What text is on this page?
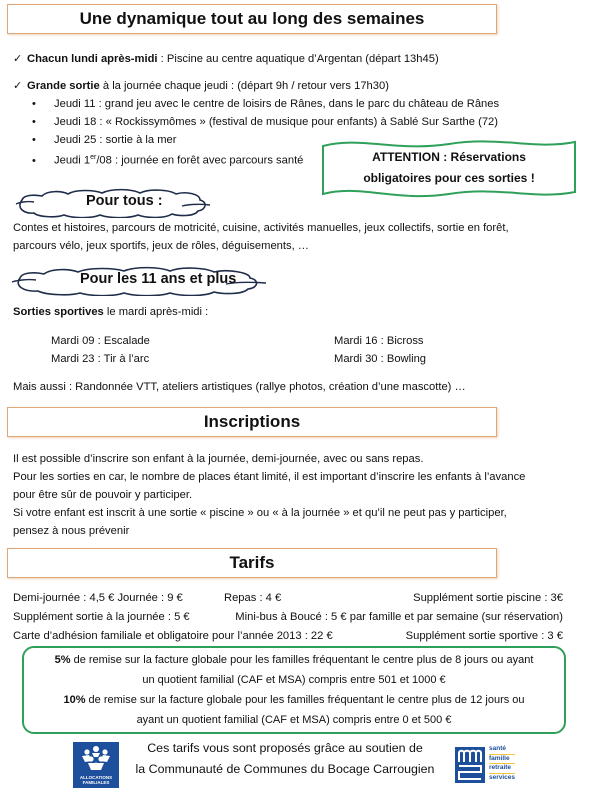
Une dynamique tout au long des semaines
✓ Chacun lundi après-midi : Piscine au centre aquatique d’Argentan (départ 13h45)
✓ Grande sortie à la journée chaque jeudi : (départ 9h / retour vers 17h30)
• Jeudi 11 : grand jeu avec le centre de loisirs de Rânes, dans le parc du château de Rânes
• Jeudi 18 : « Rockissymômes » (festival de musique pour enfants) à Sablé Sur Sarthe (72)
• Jeudi 25 : sortie à la mer
• Jeudi 1er/08 : journée en forêt avec parcours santé	ATTENTION : Réservations
obligatoires pour ces sorties !
Pour tous :
Contes et histoires, parcours de motricité, cuisine, activités manuelles, jeux collectifs, sortie en forêt,
parcours vélo, jeux sportifs, jeux de rôles, déguisements, …
Pour les 11 ans et plus
Sorties sportives le mardi après-midi :
Mardi 09 : Escalade	Mardi 16 : Bicross
Mardi 23 : Tir à l’arc	Mardi 30 : Bowling
Mais aussi : Randonnée VTT, ateliers artistiques (rallye photos, création d’une mascotte) …
Inscriptions
Il est possible d’inscrire son enfant à la journée, demi-journée, avec ou sans repas.
Pour les sorties en car, le nombre de places étant limité, il est important d’inscrire les enfants à l’avance
pour être sûr de pouvoir y participer.
Si votre enfant est inscrit à une sortie « piscine » ou « à la journée » et qu’il ne peut pas y participer,
pensez à nous prévenir
Tarifs
Demi-journée : 4,5 € Journée : 9 €	Repas : 4 €	Supplément sortie piscine : 3€
Supplément sortie à la journée : 5 €	Mini-bus à Boucé : 5 € par famille et par semaine (sur réservation)
Carte d’adhésion familiale et obligatoire pour l’année 2013 : 22 €	Supplément sortie sportive : 3 €
5% de remise sur la facture globale pour les familles fréquentant le centre plus de 8 jours ou ayant
un quotient familial (CAF et MSA) compris entre 501 et 1000 €
10% de remise sur la facture globale pour les familles fréquentant le centre plus de 12 jours ou
ayant un quotient familial (CAF et MSA) compris entre 0 et 500 €
ALLOCATIONS
FAMILIALES
Ces tarifs vous sont proposés grâce au soutien de
la Communauté de Communes du Bocage Carrougien
santé
famille
retraite
services
